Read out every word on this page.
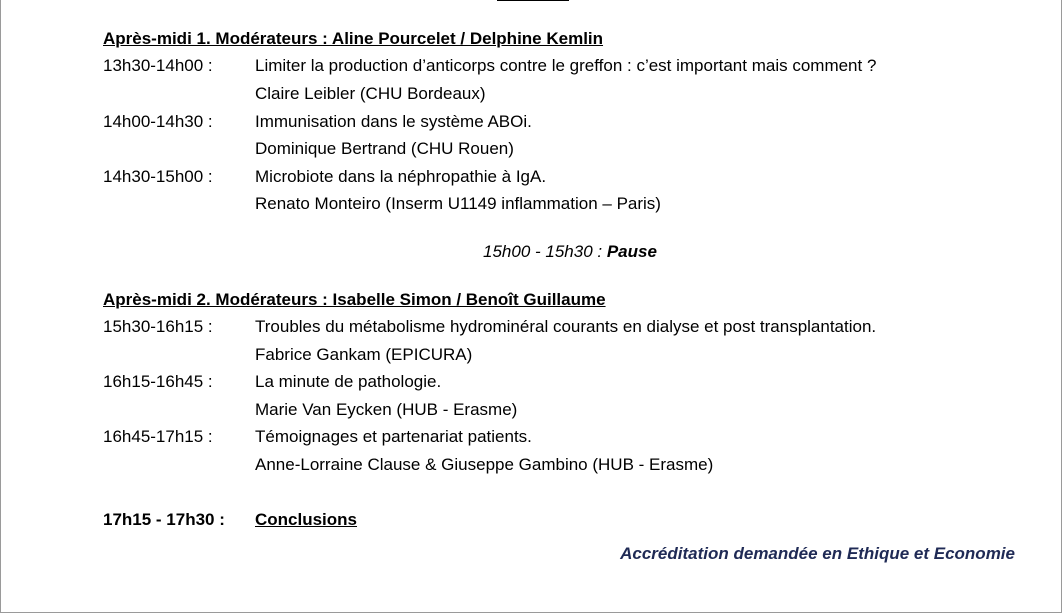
Après-midi 1. Modérateurs : Aline Pourcelet / Delphine Kemlin
13h30-14h00 : Limiter la production d’anticorps contre le greffon : c’est important mais comment ?
Claire Leibler (CHU Bordeaux)
14h00-14h30 : Immunisation dans le système ABOi.
Dominique Bertrand (CHU Rouen)
14h30-15h00 : Microbiote dans la néphropathie à IgA.
Renato Monteiro (Inserm U1149 inflammation – Paris)
15h00 - 15h30 : Pause
Après-midi 2. Modérateurs : Isabelle Simon / Benoît Guillaume
15h30-16h15 : Troubles du métabolisme hydrominéral courants en dialyse et post transplantation.
Fabrice Gankam (EPICURA)
16h15-16h45 : La minute de pathologie.
Marie Van Eycken (HUB - Erasme)
16h45-17h15 : Témoignages et partenariat patients.
Anne-Lorraine Clause & Giuseppe Gambino (HUB - Erasme)
17h15 - 17h30 : Conclusions
Accréditation demandée en Ethique et Economie
